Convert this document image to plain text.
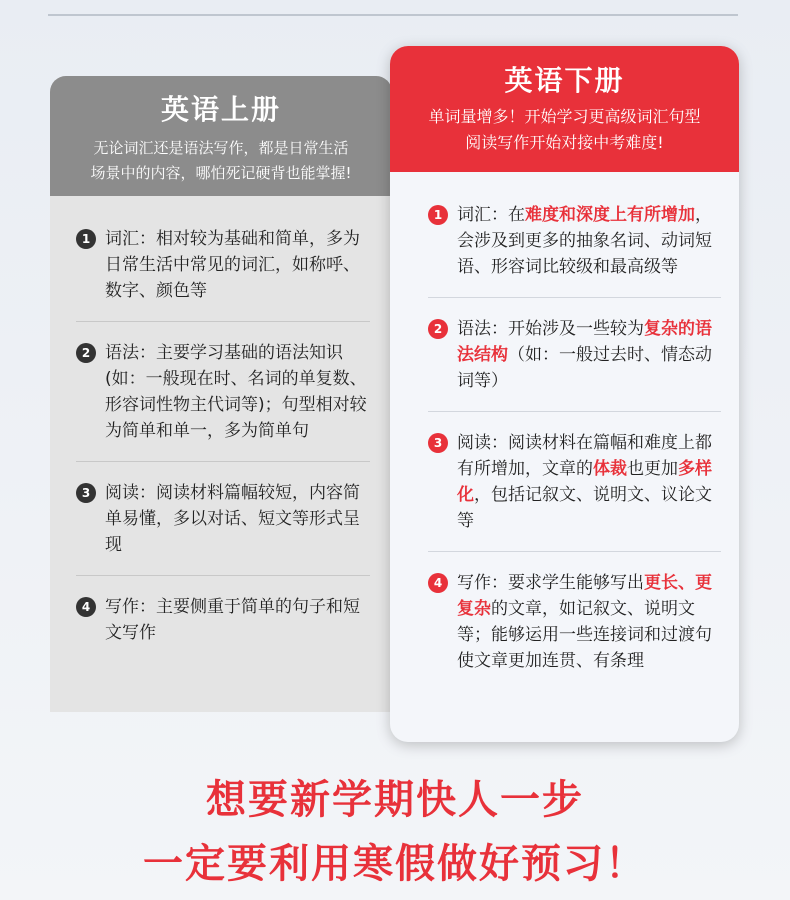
英语上册
无论词汇还是语法写作，都是日常生活
场景中的内容，哪怕死记硬背也能掌握!
1 词汇：相对较为基础和简单，多为日常生活中常见的词汇，如称呼、数字、颜色等
2 语法：主要学习基础的语法知识(如：一般现在时、名词的单复数、形容词性物主代词等)；句型相对较为简单和单一，多为简单句
3 阅读：阅读材料篇幅较短，内容简单易懂，多以对话、短文等形式呈现
4 写作：主要侧重于简单的句子和短文写作
英语下册
单词量增多！开始学习更高级词汇句型
阅读写作开始对接中考难度!
1 词汇：在难度和深度上有所增加，会涉及到更多的抽象名词、动词短语、形容词比较级和最高级等
2 语法：开始涉及一些较为复杂的语法结构（如：一般过去时、情态动词等）
3 阅读：阅读材料在篇幅和难度上都有所增加，文章的体裁也更加多样化，包括记叙文、说明文、议论文等
4 写作：要求学生能够写出更长、更复杂的文章，如记叙文、说明文等；能够运用一些连接词和过渡句使文章更加连贯、有条理
想要新学期快人一步
一定要利用寒假做好预习！
